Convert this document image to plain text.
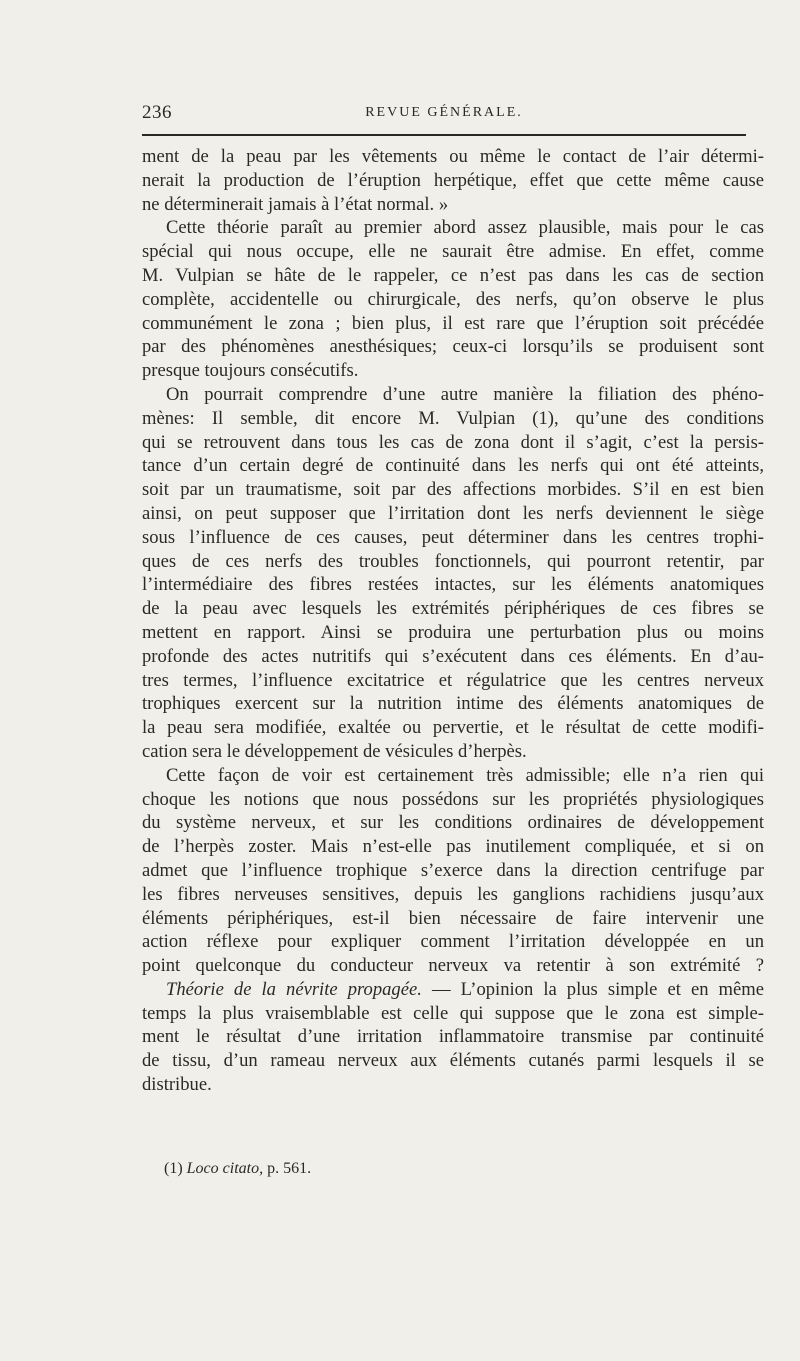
236	REVUE GÉNÉRALE.
ment de la peau par les vêtements ou même le contact de l’air détermi-
nerait la production de l’éruption herpétique, effet que cette même cause
ne déterminerait jamais à l’état normal. »
Cette théorie paraît au premier abord assez plausible, mais pour le cas
spécial qui nous occupe, elle ne saurait être admise. En effet, comme
M. Vulpian se hâte de le rappeler, ce n’est pas dans les cas de section
complète, accidentelle ou chirurgicale, des nerfs, qu’on observe le plus
communément le zona ; bien plus, il est rare que l’éruption soit précédée
par des phénomènes anesthésiques; ceux-ci lorsqu’ils se produisent sont
presque toujours consécutifs.
On pourrait comprendre d’une autre manière la filiation des phéno-
mènes: Il semble, dit encore M. Vulpian (1), qu’une des conditions
qui se retrouvent dans tous les cas de zona dont il s’agit, c’est la persis-
tance d’un certain degré de continuité dans les nerfs qui ont été atteints,
soit par un traumatisme, soit par des affections morbides. S’il en est bien
ainsi, on peut supposer que l’irritation dont les nerfs deviennent le siège
sous l’influence de ces causes, peut déterminer dans les centres trophi-
ques de ces nerfs des troubles fonctionnels, qui pourront retentir, par
l’intermédiaire des fibres restées intactes, sur les éléments anatomiques
de la peau avec lesquels les extrémités périphériques de ces fibres se
mettent en rapport. Ainsi se produira une perturbation plus ou moins
profonde des actes nutritifs qui s’exécutent dans ces éléments. En d’au-
tres termes, l’influence excitatrice et régulatrice que les centres nerveux
trophiques exercent sur la nutrition intime des éléments anatomiques de
la peau sera modifiée, exaltée ou pervertie, et le résultat de cette modifi-
cation sera le développement de vésicules d’herpès.
Cette façon de voir est certainement très admissible; elle n’a rien qui
choque les notions que nous possédons sur les propriétés physiologiques
du système nerveux, et sur les conditions ordinaires de développement
de l’herpès zoster. Mais n’est-elle pas inutilement compliquée, et si on
admet que l’influence trophique s’exerce dans la direction centrifuge par
les fibres nerveuses sensitives, depuis les ganglions rachidiens jusqu’aux
éléments périphériques, est-il bien nécessaire de faire intervenir une
action réflexe pour expliquer comment l’irritation développée en un
point quelconque du conducteur nerveux va retentir à son extrémité ?
Théorie de la névrite propagée. — L’opinion la plus simple et en même
temps la plus vraisemblable est celle qui suppose que le zona est simple-
ment le résultat d’une irritation inflammatoire transmise par continuité
de tissu, d’un rameau nerveux aux éléments cutanés parmi lesquels il se
distribue.
(1) Loco citato, p. 561.
